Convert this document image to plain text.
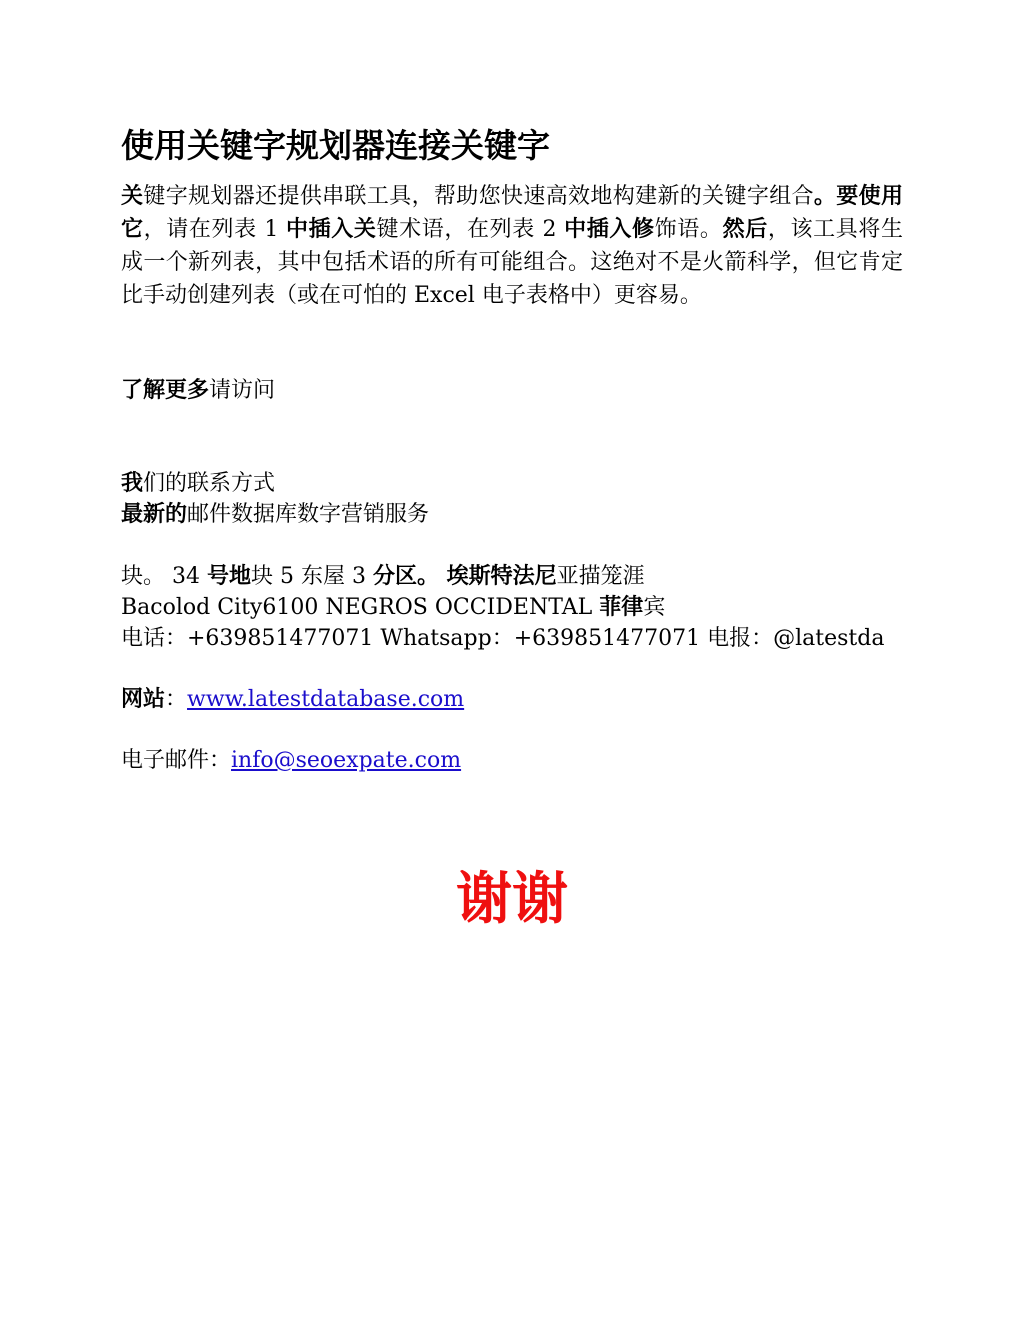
使用关键字规划器连接关键字

关键字规划器还提供串联工具，帮助您快速高效地构建新的关键字组合。要使用它，请在列表 1 中插入关键术语，在列表 2 中插入修饰语。然后，该工具将生成一个新列表，其中包括术语的所有可能组合。这绝对不是火箭科学，但它肯定比手动创建列表（或在可怕的 Excel 电子表格中）更容易。

了解更多请访问
我们的联系方式
最新的邮件数据库数字营销服务
块。 34 号地块 5 东屋 3 分区。 埃斯特法尼亚描笼涯
Bacolod City6100 NEGROS OCCIDENTAL 菲律宾
电话：+639851477071 Whatsapp：+639851477071 电报：@latestda
网站：www.latestdatabase.com
电子邮件：info@seoexpate.com
谢谢
